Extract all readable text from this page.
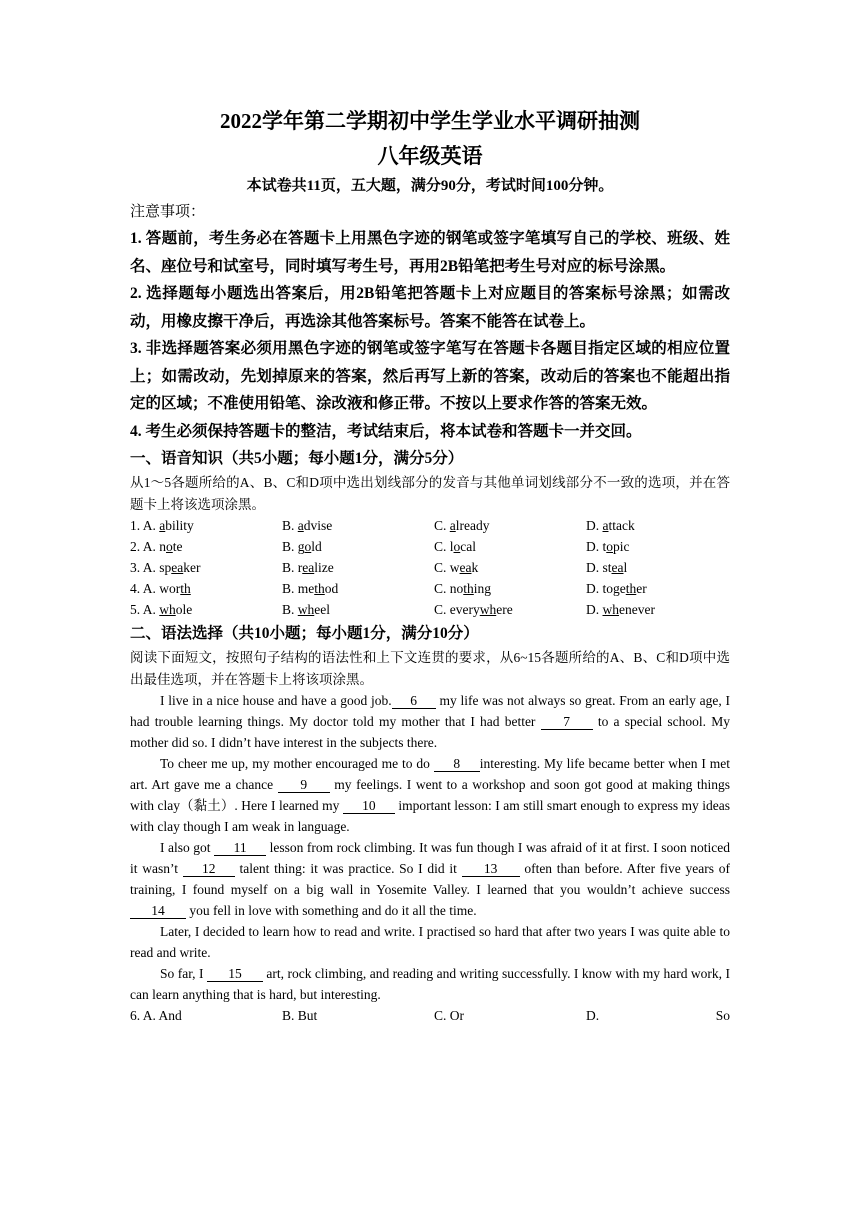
2022学年第二学期初中学生学业水平调研抽测
八年级英语
本试卷共11页，五大题，满分90分，考试时间100分钟。
注意事项：
1. 答题前，考生务必在答题卡上用黑色字迹的钢笔或签字笔填写自己的学校、班级、姓名、座位号和试室号，同时填写考生号，再用2B铅笔把考生号对应的标号涂黑。
2. 选择题每小题选出答案后，用2B铅笔把答题卡上对应题目的答案标号涂黑；如需改动，用橡皮擦干净后，再选涂其他答案标号。答案不能答在试卷上。
3. 非选择题答案必须用黑色字迹的钢笔或签字笔写在答题卡各题目指定区域的相应位置上；如需改动，先划掉原来的答案，然后再写上新的答案，改动后的答案也不能超出指定的区域；不准使用铅笔、涂改液和修正带。不按以上要求作答的答案无效。
4. 考生必须保持答题卡的整洁，考试结束后，将本试卷和答题卡一并交回。
一、语音知识（共5小题；每小题1分，满分5分）
从1～5各题所给的A、B、C和D项中选出划线部分的发音与其他单词划线部分不一致的选项，并在答题卡上将该选项涂黑。
1. A. ability	B. advise	C. already	D. attack
2. A. note	B. gold	C. local	D. topic
3. A. speaker	B. realize	C. weak	D. steal
4. A. worth	B. method	C. nothing	D. together
5. A. whole	B. wheel	C. everywhere	D. whenever
二、语法选择（共10小题；每小题1分，满分10分）
阅读下面短文，按照句子结构的语法性和上下文连贯的要求，从6~15各题所给的A、B、C和D项中选出最佳选项，并在答题卡上将该项涂黑。
I live in a nice house and have a good job. 6 my life was not always so great. From an early age, I had trouble learning things. My doctor told my mother that I had better 7 to a special school. My mother did so. I didn’t have interest in the subjects there.
To cheer me up, my mother encouraged me to do 8 interesting. My life became better when I met art. Art gave me a chance 9 my feelings. I went to a workshop and soon got good at making things with clay（黏土）. Here I learned my 10 important lesson: I am still smart enough to express my ideas with clay though I am weak in language.
I also got 11 lesson from rock climbing. It was fun though I was afraid of it at first. I soon noticed it wasn’t 12 talent thing: it was practice. So I did it 13 often than before. After five years of training, I found myself on a big wall in Yosemite Valley. I learned that you wouldn’t achieve success 14 you fell in love with something and do it all the time.
Later, I decided to learn how to read and write. I practised so hard that after two years I was quite able to read and write.
So far, I 15 art, rock climbing, and reading and writing successfully. I know with my hard work, I can learn anything that is hard, but interesting.
6. A. And	B. But	C. Or	D.	So
